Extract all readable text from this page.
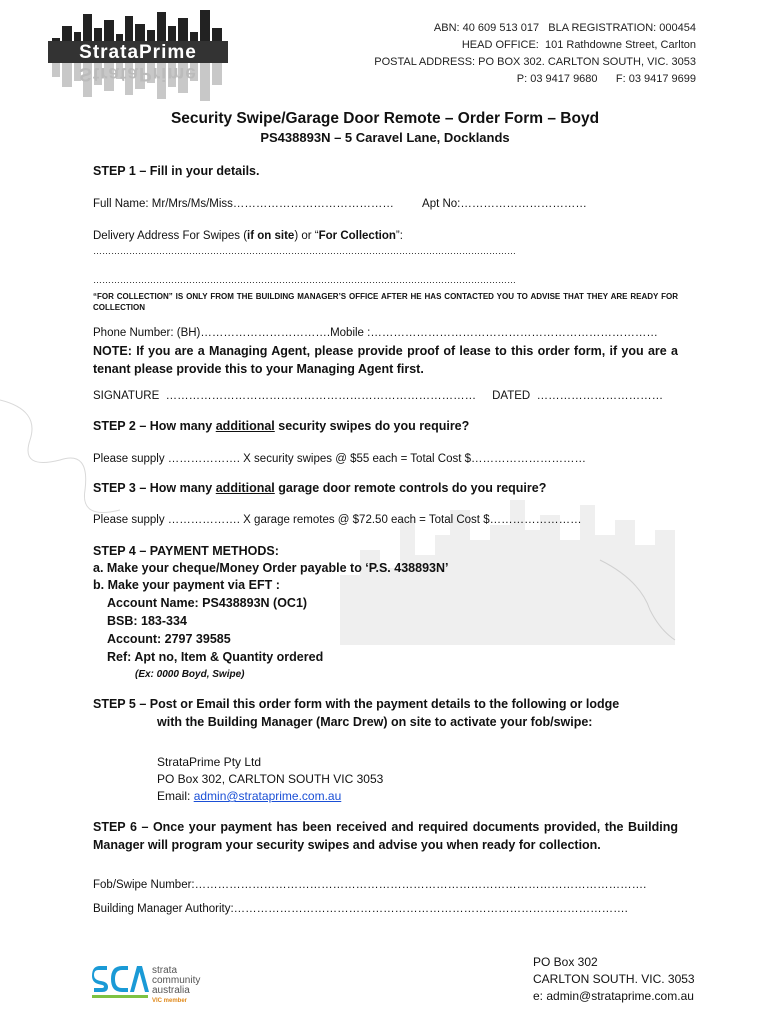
StrataPrime
StrataPrime
ABN: 40 609 513 017   BLA REGISTRATION: 000454
HEAD OFFICE:  101 Rathdowne Street, Carlton
POSTAL ADDRESS: PO BOX 302. CARLTON SOUTH, VIC. 3053
P: 03 9417 9680      F: 03 9417 9699
Security Swipe/Garage Door Remote – Order Form – Boyd
PS438893N – 5 Caravel Lane, Docklands
STEP 1 – Fill in your details.
Full Name: Mr/Mrs/Ms/Miss……………………………………         Apt No:……………………………
Delivery Address For Swipes (if on site) or “For Collection”:
……………………………………………………………………………………………………………………………
……………………………………………………………………………………………………………………………
“FOR COLLECTION” IS ONLY FROM THE BUILDING MANAGER’S OFFICE AFTER HE HAS CONTACTED YOU TO ADVISE THAT THEY ARE READY FOR COLLECTION
Phone Number: (BH)…………………………….Mobile :…………………………………………………………………
NOTE: If you are a Managing Agent, please provide proof of lease to this order form, if you are a tenant please provide this to your Managing Agent first.
SIGNATURE  ………………………………………………………………………     DATED  ……………………………
STEP 2 – How many additional security swipes do you require?
Please supply ………………. X security swipes @ $55 each = Total Cost $…………………………
STEP 3 – How many additional garage door remote controls do you require?
Please supply ………………. X garage remotes @ $72.50 each = Total Cost $……………………
STEP 4 – PAYMENT METHODS:
a. Make your cheque/Money Order payable to ‘P.S. 438893N’
b. Make your payment via EFT :
Account Name: PS438893N (OC1)
BSB: 183-334
Account: 2797 39585
Ref: Apt no, Item & Quantity ordered
(Ex: 0000 Boyd, Swipe)
STEP 5 – Post or Email this order form with the payment details to the following or lodge
with the Building Manager (Marc Drew) on site to activate your fob/swipe:
StrataPrime Pty Ltd
PO Box 302, CARLTON SOUTH VIC 3053
Email: admin@strataprime.com.au
STEP 6 – Once your payment has been received and required documents provided, the Building Manager will program your security swipes and advise you when ready for collection.
Fob/Swipe Number:……………………………………………………………………………………………………….
Building Manager Authority:………………………………………………………………………………………….
strata
community
australia
VIC member
PO Box 302
CARLTON SOUTH. VIC. 3053
e: admin@strataprime.com.au
